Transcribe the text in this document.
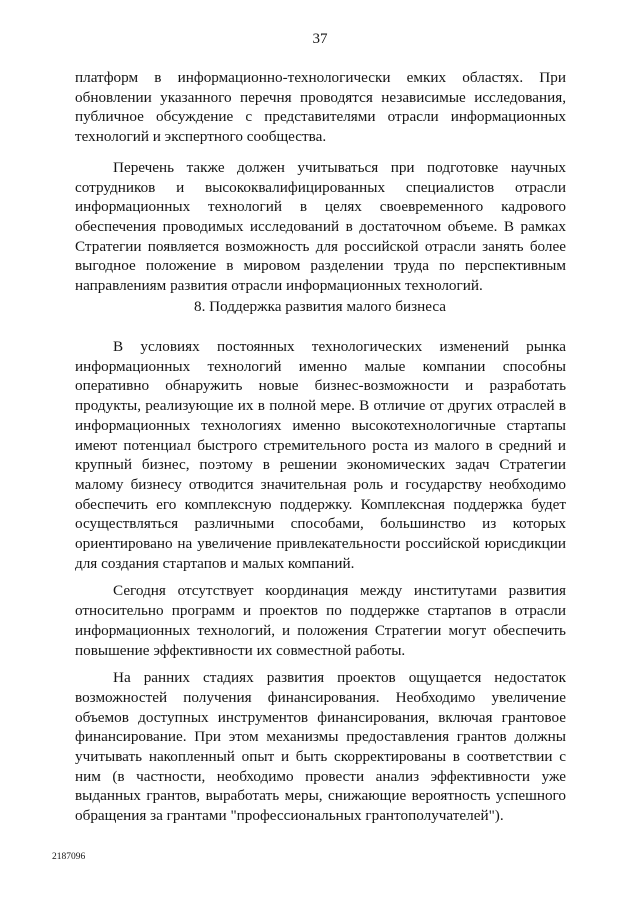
37

платформ в информационно-технологически емких областях. При обновлении указанного перечня проводятся независимые исследования, публичное обсуждение с представителями отрасли информационных технологий и экспертного сообщества.

Перечень также должен учитываться при подготовке научных сотрудников и высококвалифицированных специалистов отрасли информационных технологий в целях своевременного кадрового обеспечения проводимых исследований в достаточном объеме. В рамках Стратегии появляется возможность для российской отрасли занять более выгодное положение в мировом разделении труда по перспективным направлениям развития отрасли информационных технологий.

8. Поддержка развития малого бизнеса

В условиях постоянных технологических изменений рынка информационных технологий именно малые компании способны оперативно обнаружить новые бизнес-возможности и разработать продукты, реализующие их в полной мере. В отличие от других отраслей в информационных технологиях именно высокотехнологичные стартапы имеют потенциал быстрого стремительного роста из малого в средний и крупный бизнес, поэтому в решении экономических задач Стратегии малому бизнесу отводится значительная роль и государству необходимо обеспечить его комплексную поддержку. Комплексная поддержка будет осуществляться различными способами, большинство из которых ориентировано на увеличение привлекательности российской юрисдикции для создания стартапов и малых компаний.

Сегодня отсутствует координация между институтами развития относительно программ и проектов по поддержке стартапов в отрасли информационных технологий, и положения Стратегии могут обеспечить повышение эффективности их совместной работы.

На ранних стадиях развития проектов ощущается недостаток возможностей получения финансирования. Необходимо увеличение объемов доступных инструментов финансирования, включая грантовое финансирование. При этом механизмы предоставления грантов должны учитывать накопленный опыт и быть скорректированы в соответствии с ним (в частности, необходимо провести анализ эффективности уже выданных грантов, выработать меры, снижающие вероятность успешного обращения за грантами "профессиональных грантополучателей").

2187096
